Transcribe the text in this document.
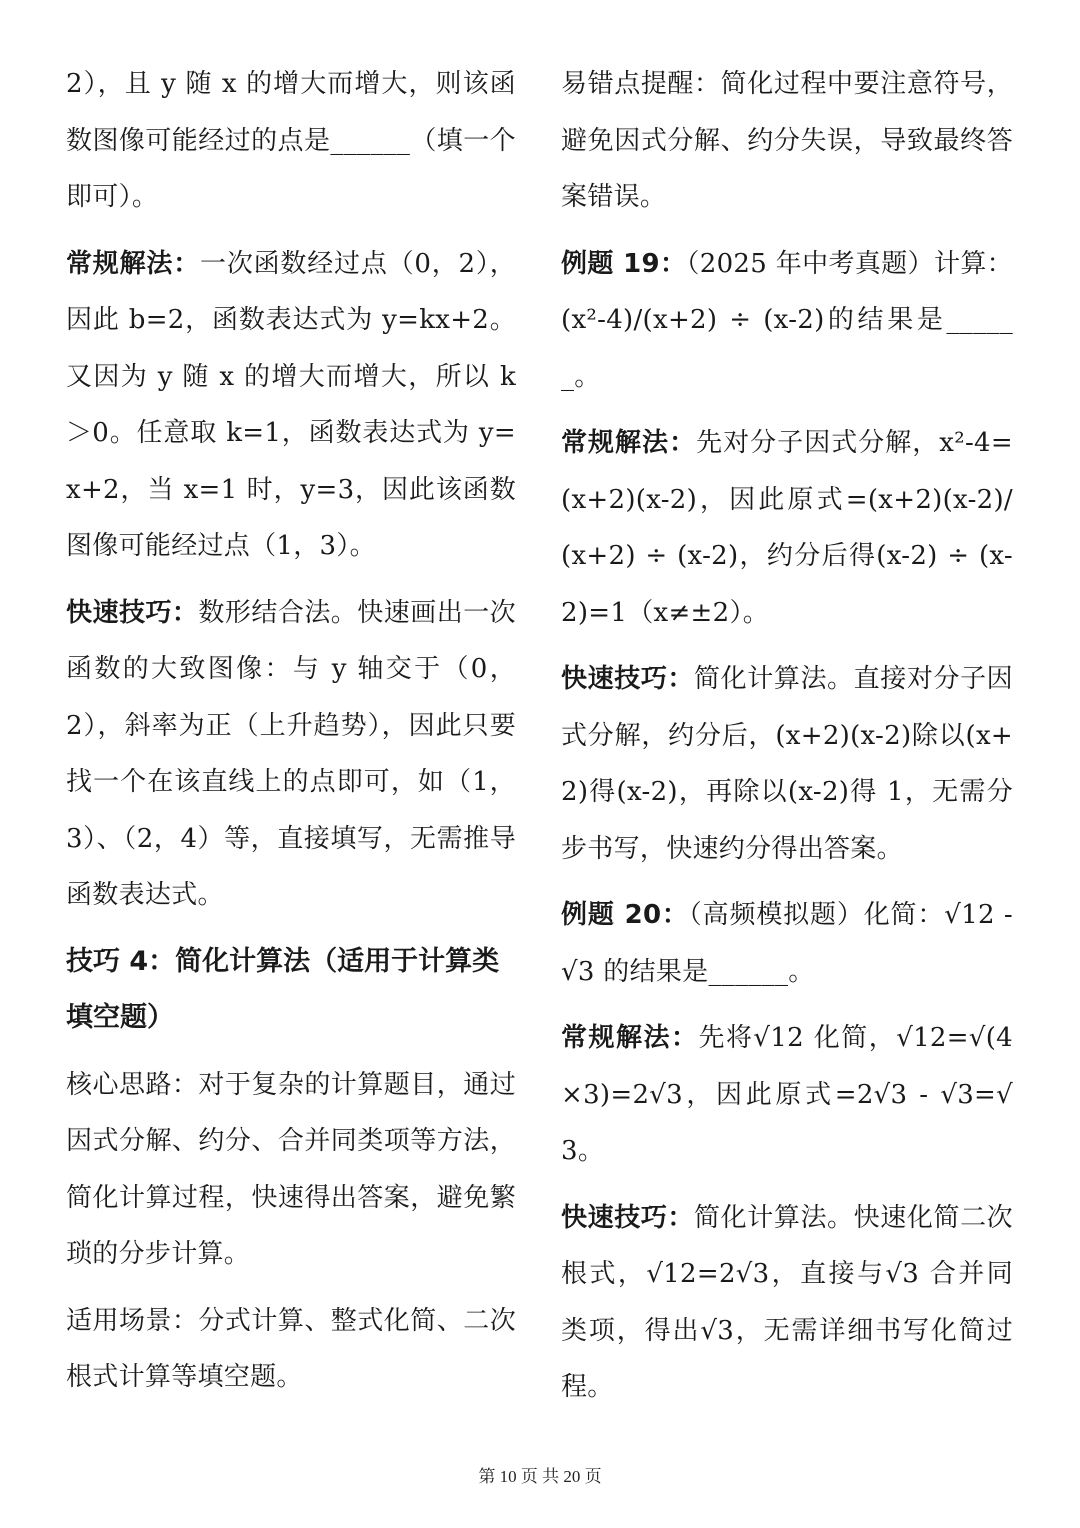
2），且 y 随 x 的增大而增大，则该函数图像可能经过的点是______（填一个即可）。

常规解法：一次函数经过点（0，2），因此 b=2，函数表达式为 y=kx+2。又因为 y 随 x 的增大而增大，所以 k＞0。任意取 k=1，函数表达式为 y=x+2，当 x=1 时，y=3，因此该函数图像可能经过点（1，3）。

快速技巧：数形结合法。快速画出一次函数的大致图像：与 y 轴交于（0，2），斜率为正（上升趋势），因此只要找一个在该直线上的点即可，如（1，3）、（2，4）等，直接填写，无需推导函数表达式。

技巧 4：简化计算法（适用于计算类填空题）

核心思路：对于复杂的计算题目，通过因式分解、约分、合并同类项等方法，简化计算过程，快速得出答案，避免繁琐的分步计算。

适用场景：分式计算、整式化简、二次根式计算等填空题。

易错点提醒：简化过程中要注意符号，避免因式分解、约分失误，导致最终答案错误。

例题 19：（2025 年中考真题）计算：(x²-4)/(x+2) ÷ (x-2)的结果是______。

常规解法：先对分子因式分解，x²-4=(x+2)(x-2)，因此原式=(x+2)(x-2)/(x+2) ÷ (x-2)，约分后得(x-2) ÷ (x-2)=1（x≠±2）。

快速技巧：简化计算法。直接对分子因式分解，约分后，(x+2)(x-2)除以(x+2)得(x-2)，再除以(x-2)得 1，无需分步书写，快速约分得出答案。

例题 20：（高频模拟题）化简：√12 - √3 的结果是______。

常规解法：先将√12 化简，√12=√(4×3)=2√3，因此原式=2√3 - √3=√3。

快速技巧：简化计算法。快速化简二次根式，√12=2√3，直接与√3 合并同类项，得出√3，无需详细书写化简过程。

第 10 页 共 20 页
